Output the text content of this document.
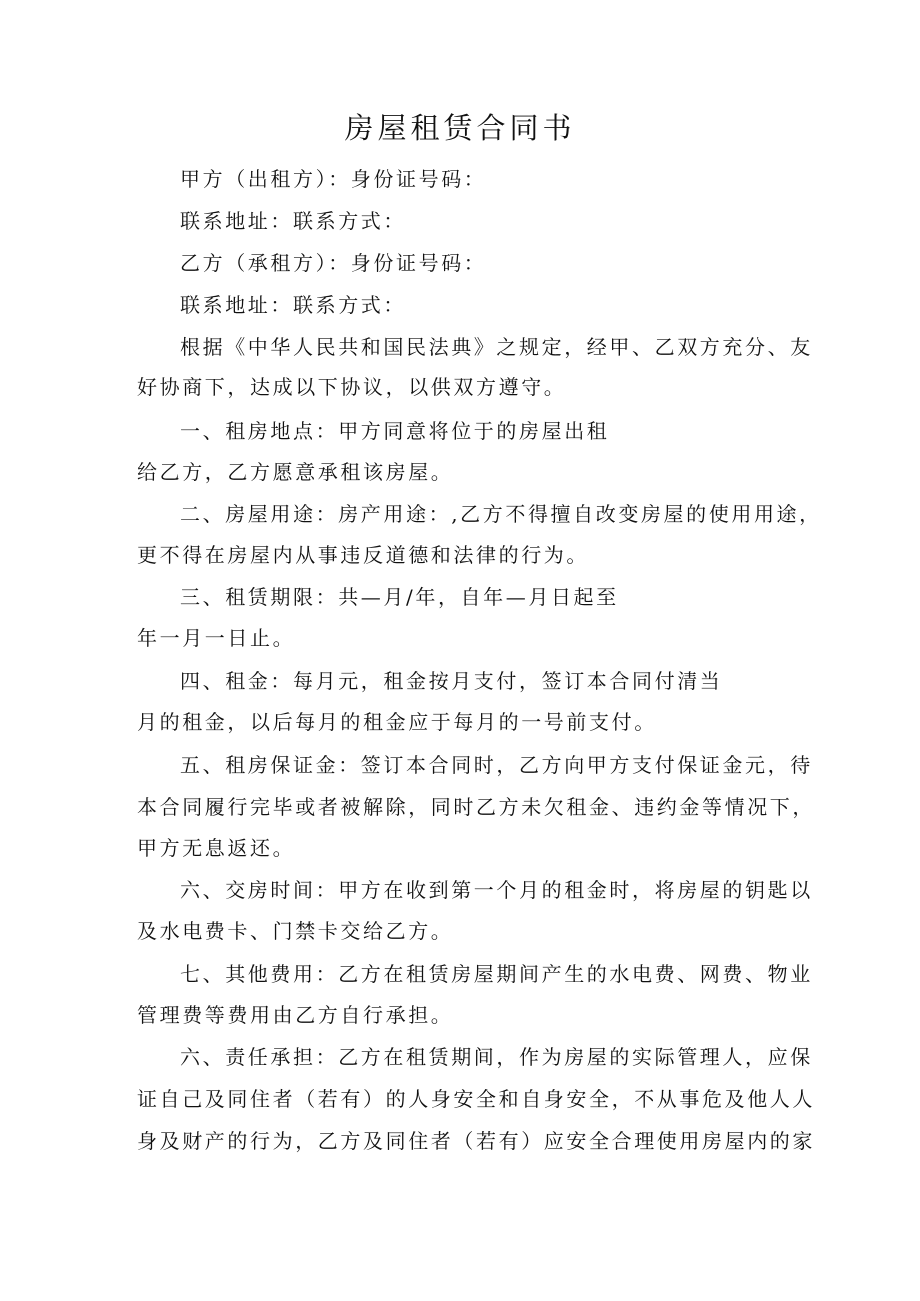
房屋租赁合同书
甲方（出租方）：身份证号码：
联系地址：联系方式：
乙方（承租方）：身份证号码：
联系地址：联系方式：
根据《中华人民共和国民法典》之规定，经甲、乙双方充分、友
好协商下，达成以下协议，以供双方遵守。
一、租房地点：甲方同意将位于的房屋出租
给乙方，乙方愿意承租该房屋。
二、房屋用途：房产用途：,乙方不得擅自改变房屋的使用用途，
更不得在房屋内从事违反道德和法律的行为。
三、租赁期限：共—月/年，自年—月日起至
年一月一日止。
四、租金：每月元，租金按月支付，签订本合同付清当
月的租金，以后每月的租金应于每月的一号前支付。
五、租房保证金：签订本合同时，乙方向甲方支付保证金元，待
本合同履行完毕或者被解除，同时乙方未欠租金、违约金等情况下，
甲方无息返还。
六、交房时间：甲方在收到第一个月的租金时，将房屋的钥匙以
及水电费卡、门禁卡交给乙方。
七、其他费用：乙方在租赁房屋期间产生的水电费、网费、物业
管理费等费用由乙方自行承担。
六、责任承担：乙方在租赁期间，作为房屋的实际管理人，应保
证自己及同住者（若有）的人身安全和自身安全，不从事危及他人人
身及财产的行为，乙方及同住者（若有）应安全合理使用房屋内的家
